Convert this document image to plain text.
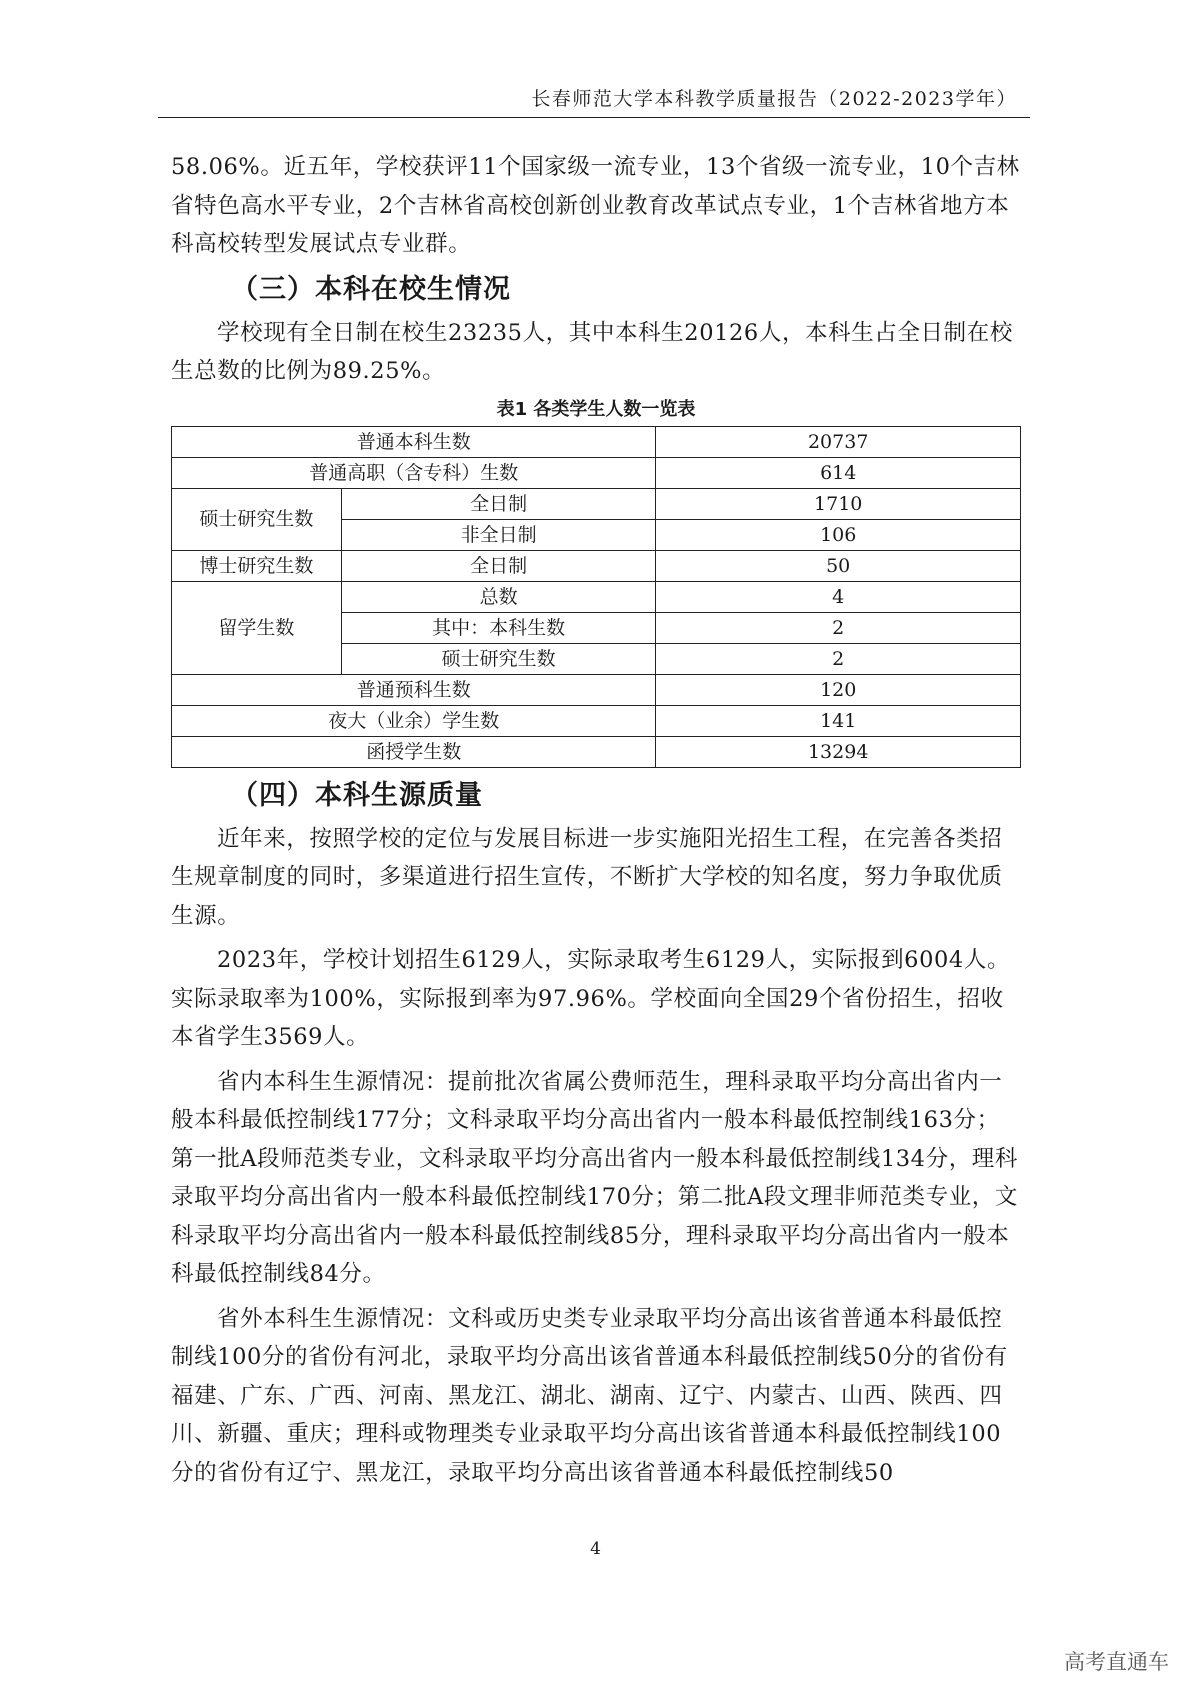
长春师范大学本科教学质量报告（2022-2023学年）

58.06%。近五年，学校获评11个国家级一流专业，13个省级一流专业，10个吉林省特色高水平专业，2个吉林省高校创新创业教育改革试点专业，1个吉林省地方本科高校转型发展试点专业群。

（三）本科在校生情况

学校现有全日制在校生23235人，其中本科生20126人，本科生占全日制在校生总数的比例为89.25%。

表1 各类学生人数一览表
普通本科生数		20737
普通高职（含专科）生数		614
硕士研究生数	全日制	1710
	非全日制	106
博士研究生数	全日制	50
留学生数	总数	4
	其中：本科生数	2
	硕士研究生数	2
普通预科生数		120
夜大（业余）学生数		141
函授学生数		13294
（四）本科生源质量

近年来，按照学校的定位与发展目标进一步实施阳光招生工程，在完善各类招生规章制度的同时，多渠道进行招生宣传，不断扩大学校的知名度，努力争取优质生源。

2023年，学校计划招生6129人，实际录取考生6129人，实际报到6004人。实际录取率为100%，实际报到率为97.96%。学校面向全国29个省份招生，招收本省学生3569人。

省内本科生生源情况：提前批次省属公费师范生，理科录取平均分高出省内一般本科最低控制线177分；文科录取平均分高出省内一般本科最低控制线163分；第一批A段师范类专业，文科录取平均分高出省内一般本科最低控制线134分，理科录取平均分高出省内一般本科最低控制线170分；第二批A段文理非师范类专业，文科录取平均分高出省内一般本科最低控制线85分，理科录取平均分高出省内一般本科最低控制线84分。

省外本科生生源情况：文科或历史类专业录取平均分高出该省普通本科最低控制线100分的省份有河北，录取平均分高出该省普通本科最低控制线50分的省份有福建、广东、广西、河南、黑龙江、湖北、湖南、辽宁、内蒙古、山西、陕西、四川、新疆、重庆；理科或物理类专业录取平均分高出该省普通本科最低控制线100分的省份有辽宁、黑龙江，录取平均分高出该省普通本科最低控制线50

4
高考直通车
